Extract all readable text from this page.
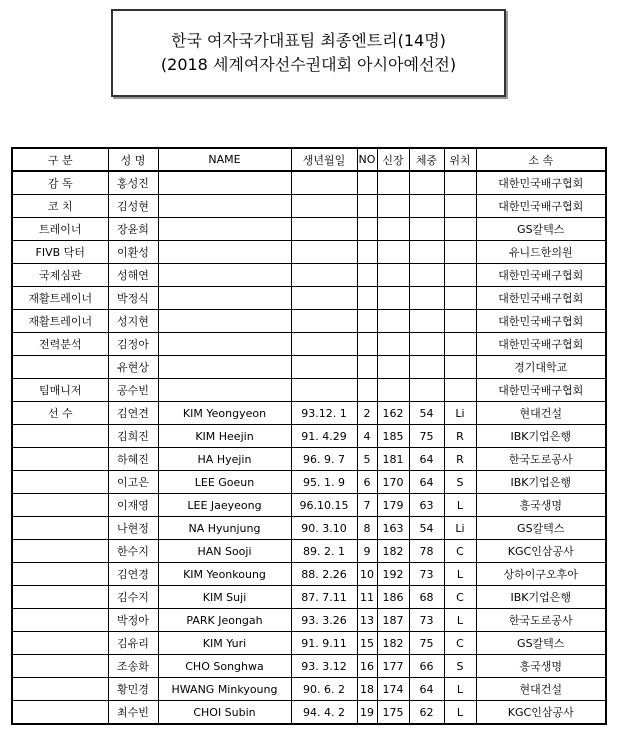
한국 여자국가대표팀 최종엔트리(14명)
(2018 세계여자선수권대회 아시아예선전)
구 분	성 명	NAME	생년월일	NO	신장	체중	위치	소 속
감 독	홍성진							대한민국배구협회
코 치	김성현							대한민국배구협회
트레이너	장윤희							GS칼텍스
FIVB 닥터	이환성							유니드한의원
국제심판	성해연							대한민국배구협회
재활트레이너	박정식							대한민국배구협회
재활트레이너	성지현							대한민국배구협회
전력분석	김정아							대한민국배구협회
	유현상							경기대학교
팀매니저	공수빈							대한민국배구협회
선 수	김연견	KIM Yeongyeon	93.12. 1	2	162	54	Li	현대건설
	김희진	KIM Heejin	91. 4.29	4	185	75	R	IBK기업은행
	하혜진	HA Hyejin	96. 9. 7	5	181	64	R	한국도로공사
	이고은	LEE Goeun	95. 1. 9	6	170	64	S	IBK기업은행
	이재영	LEE Jaeyeong	96.10.15	7	179	63	L	흥국생명
	나현정	NA Hyunjung	90. 3.10	8	163	54	Li	GS칼텍스
	한수지	HAN Sooji	89. 2. 1	9	182	78	C	KGC인삼공사
	김연경	KIM Yeonkoung	88. 2.26	10	192	73	L	상하이구오후아
	김수지	KIM Suji	87. 7.11	11	186	68	C	IBK기업은행
	박정아	PARK Jeongah	93. 3.26	13	187	73	L	한국도로공사
	김유리	KIM Yuri	91. 9.11	15	182	75	C	GS칼텍스
	조송화	CHO Songhwa	93. 3.12	16	177	66	S	흥국생명
	황민경	HWANG Minkyoung	90. 6. 2	18	174	64	L	현대건설
	최수빈	CHOI Subin	94. 4. 2	19	175	62	L	KGC인삼공사
